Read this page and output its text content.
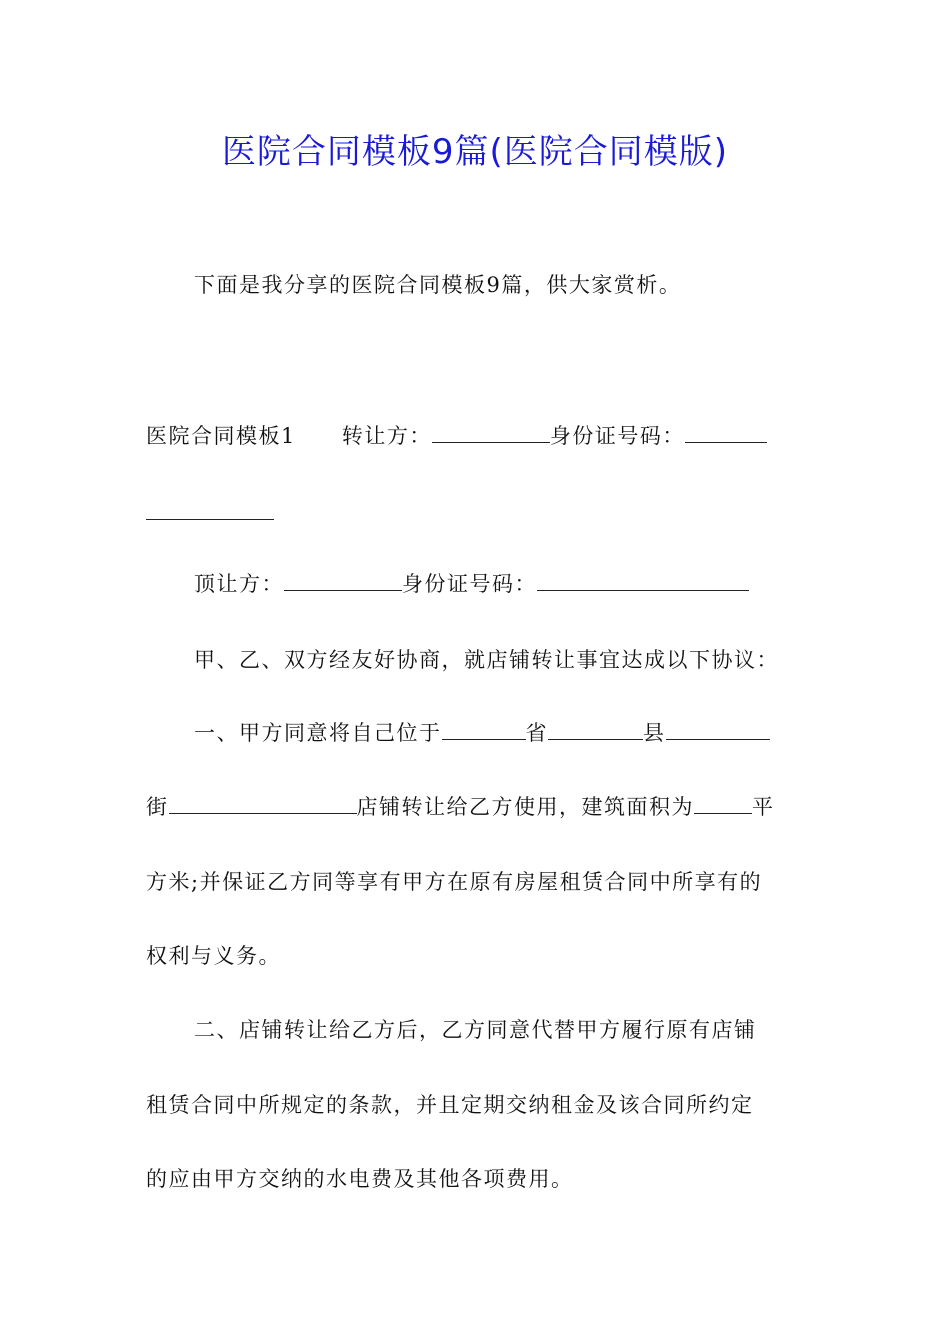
医院合同模板9篇(医院合同模版)
下面是我分享的医院合同模板9篇，供大家赏析。
医院合同模板1 转让方：	身份证号码：
顶让方：	身份证号码：
甲、乙、双方经友好协商，就店铺转让事宜达成以下协议：
一、甲方同意将自己位于	省	县
街	店铺转让给乙方使用，建筑面积为	平
方米;并保证乙方同等享有甲方在原有房屋租赁合同中所享有的
权利与义务。
二、店铺转让给乙方后，乙方同意代替甲方履行原有店铺
租赁合同中所规定的条款，并且定期交纳租金及该合同所约定
的应由甲方交纳的水电费及其他各项费用。
